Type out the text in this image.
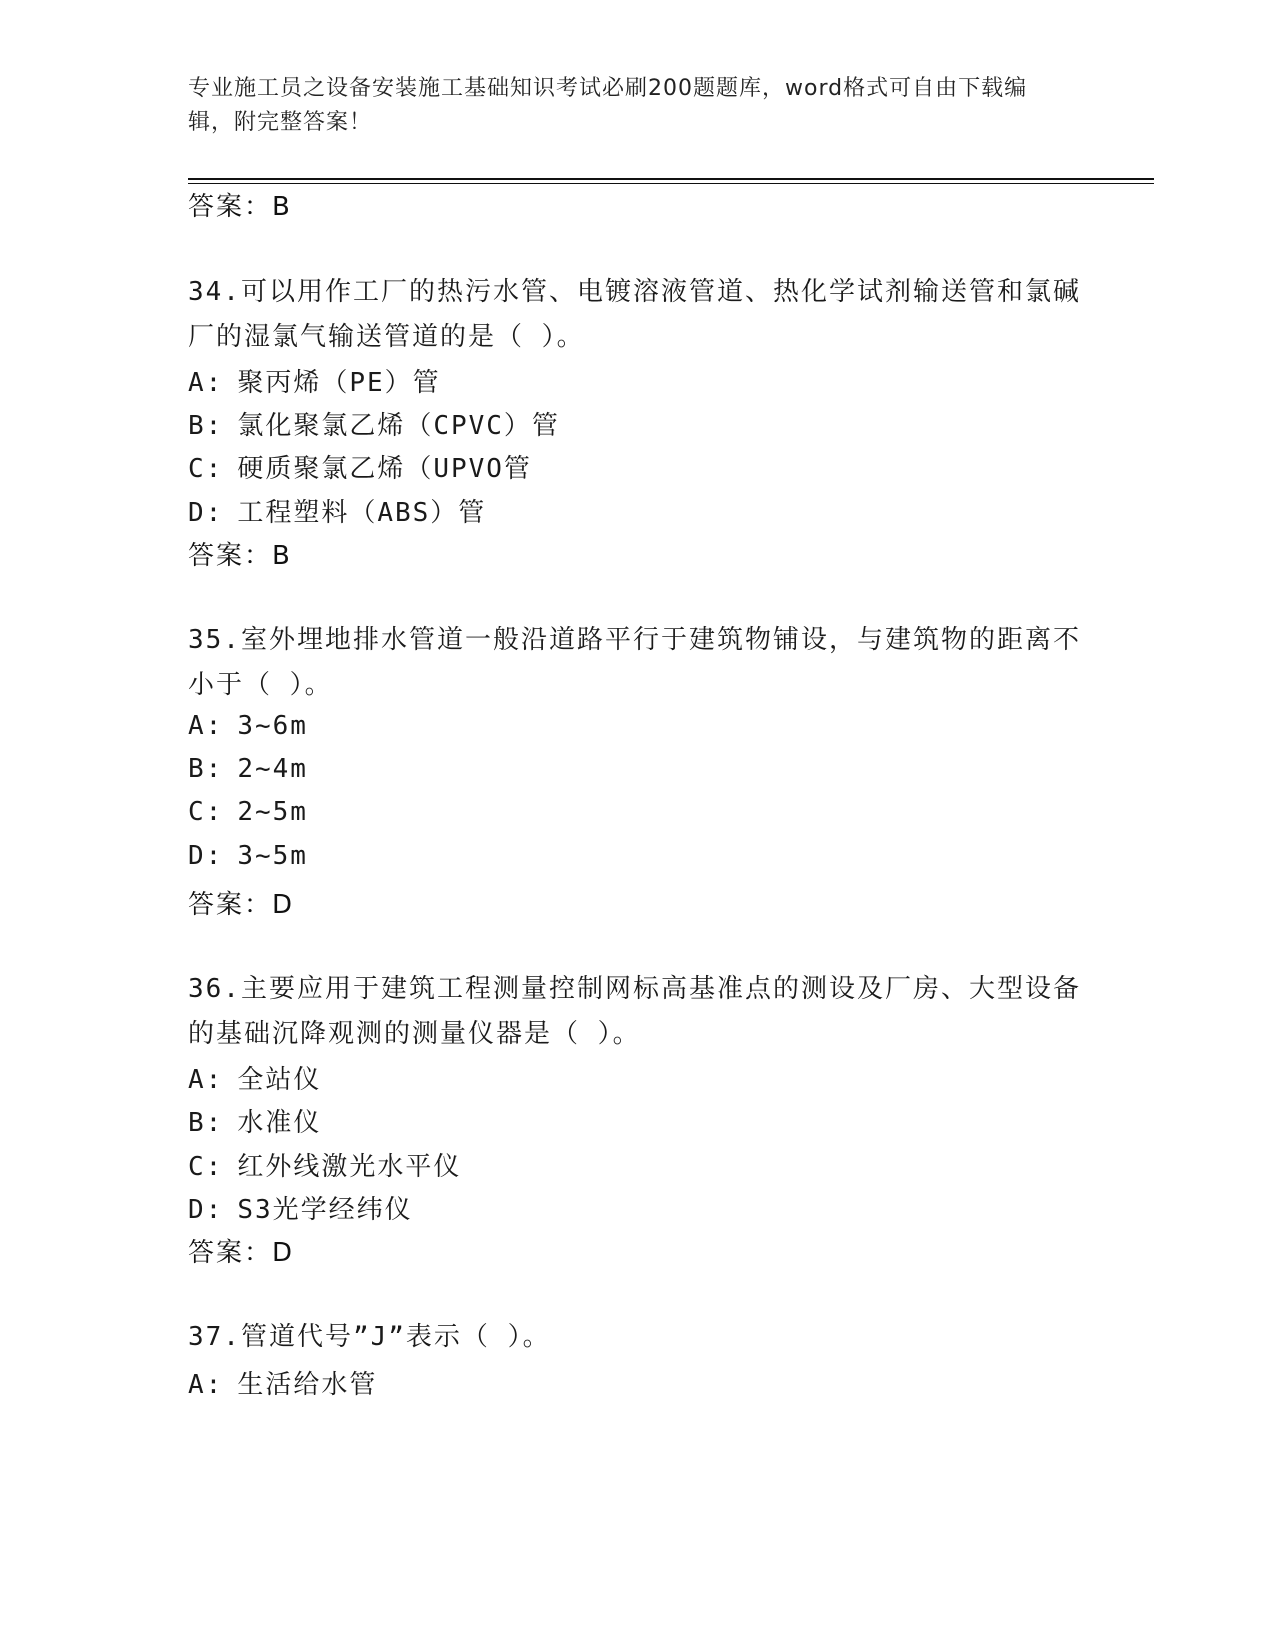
专业施工员之设备安装施工基础知识考试必刷200题题库，word格式可自由下载编辑，附完整答案！
答案：B
34.可以用作工厂的热污水管、电镀溶液管道、热化学试剂输送管和氯碱厂的湿氯气输送管道的是（ ）。
A: 聚丙烯（PE）管
B: 氯化聚氯乙烯（CPVC）管
C: 硬质聚氯乙烯（UPVO管
D: 工程塑料（ABS）管
答案：B
35.室外埋地排水管道一般沿道路平行于建筑物铺设，与建筑物的距离不小于（ ）。
A: 3~6m
B: 2~4m
C: 2~5m
D: 3~5m
答案：D
36.主要应用于建筑工程测量控制网标高基准点的测设及厂房、大型设备的基础沉降观测的测量仪器是（ ）。
A: 全站仪
B: 水准仪
C: 红外线激光水平仪
D: S3光学经纬仪
答案：D
37.管道代号”J”表示（ ）。
A: 生活给水管
